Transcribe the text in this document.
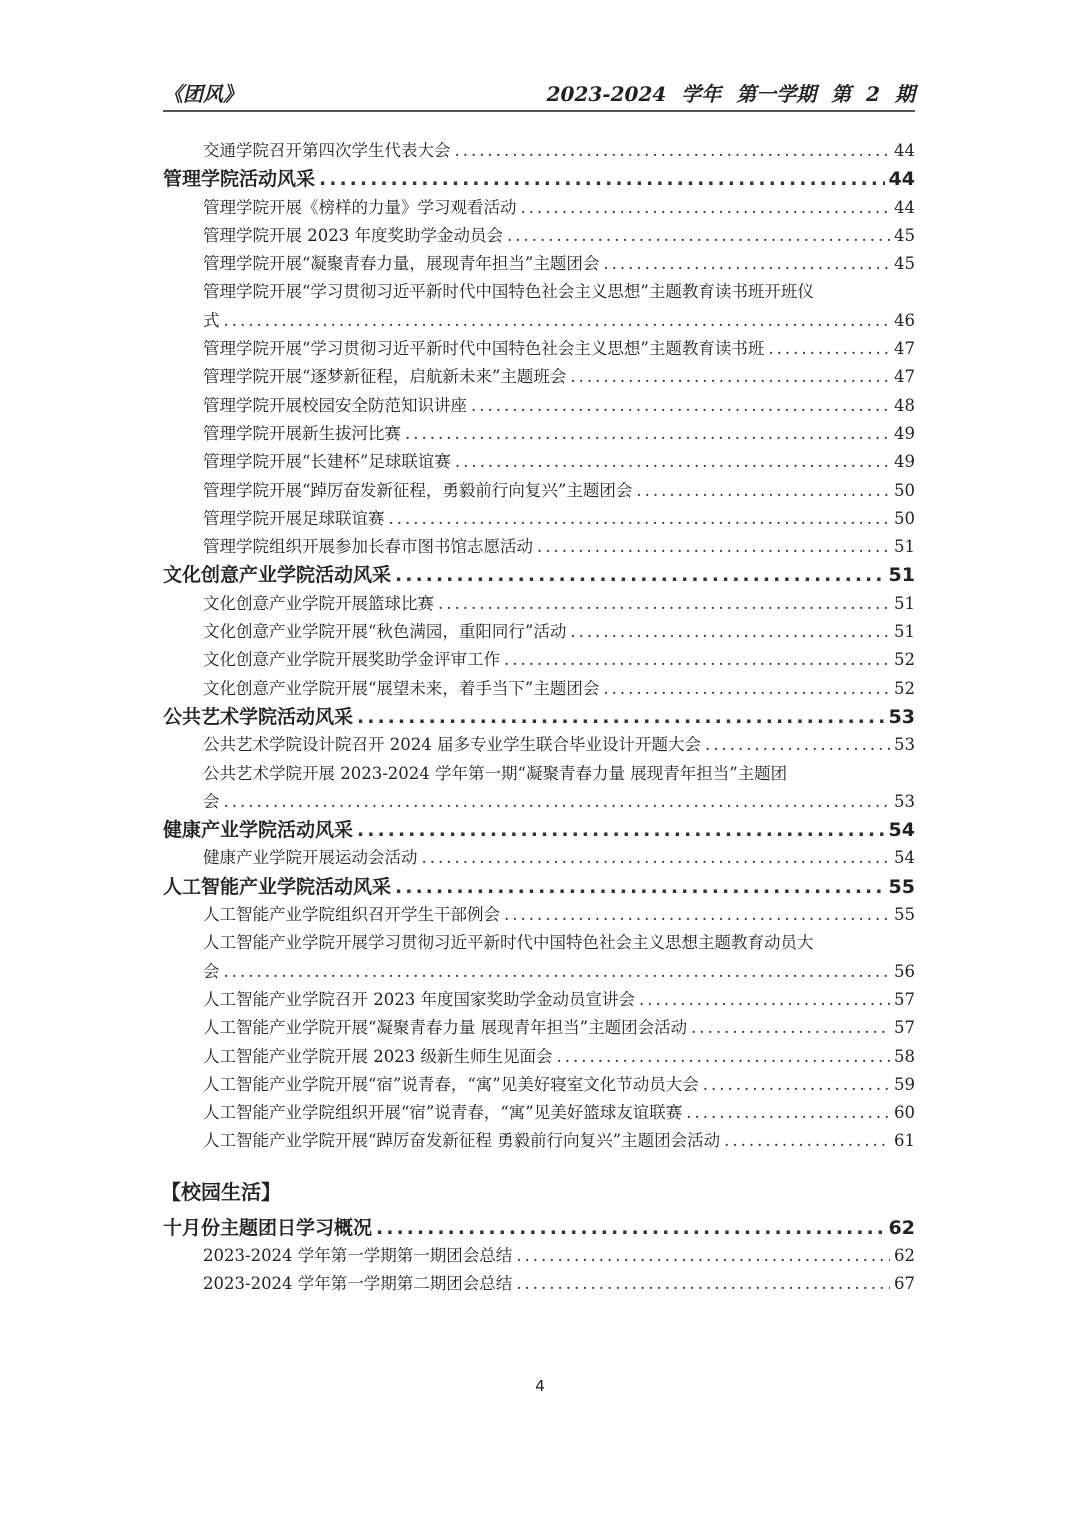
《团风》	2023-2024 学年 第一学期 第 2 期
交通学院召开第四次学生代表大会 .....	44
管理学院活动风采 .....	44
管理学院开展《榜样的力量》学习观看活动 .....	44
管理学院开展 2023 年度奖助学金动员会 .....	45
管理学院开展“凝聚青春力量，展现青年担当”主题团会 .....	45
管理学院开展“学习贯彻习近平新时代中国特色社会主义思想”主题教育读书班开班仪
式 .....	46
管理学院开展“学习贯彻习近平新时代中国特色社会主义思想”主题教育读书班 .....	47
管理学院开展“逐梦新征程，启航新未来”主题班会 .....	47
管理学院开展校园安全防范知识讲座 .....	48
管理学院开展新生拔河比赛 .....	49
管理学院开展“长建杯”足球联谊赛 .....	49
管理学院开展“踔厉奋发新征程，勇毅前行向复兴”主题团会 .....	50
管理学院开展足球联谊赛 .....	50
管理学院组织开展参加长春市图书馆志愿活动 .....	51
文化创意产业学院活动风采 .....	51
文化创意产业学院开展篮球比赛 .....	51
文化创意产业学院开展“秋色满园，重阳同行”活动 .....	51
文化创意产业学院开展奖助学金评审工作 .....	52
文化创意产业学院开展“展望未来，着手当下”主题团会 .....	52
公共艺术学院活动风采 .....	53
公共艺术学院设计院召开 2024 届多专业学生联合毕业设计开题大会 .....	53
公共艺术学院开展 2023-2024 学年第一期“凝聚青春力量 展现青年担当”主题团
会 .....	53
健康产业学院活动风采 .....	54
健康产业学院开展运动会活动 .....	54
人工智能产业学院活动风采 .....	55
人工智能产业学院组织召开学生干部例会 .....	55
人工智能产业学院开展学习贯彻习近平新时代中国特色社会主义思想主题教育动员大
会 .....	56
人工智能产业学院召开 2023 年度国家奖助学金动员宣讲会 .....	57
人工智能产业学院开展“凝聚青春力量 展现青年担当”主题团会活动 .....	57
人工智能产业学院开展 2023 级新生师生见面会 .....	58
人工智能产业学院开展“宿”说青春，“寓”见美好寝室文化节动员大会 .....	59
人工智能产业学院组织开展“宿”说青春，“寓”见美好篮球友谊联赛 .....	60
人工智能产业学院开展“踔厉奋发新征程 勇毅前行向复兴”主题团会活动 .....	61
【校园生活】
十月份主题团日学习概况 .....	62
2023-2024 学年第一学期第一期团会总结 .....	62
2023-2024 学年第一学期第二期团会总结 .....	67
4
